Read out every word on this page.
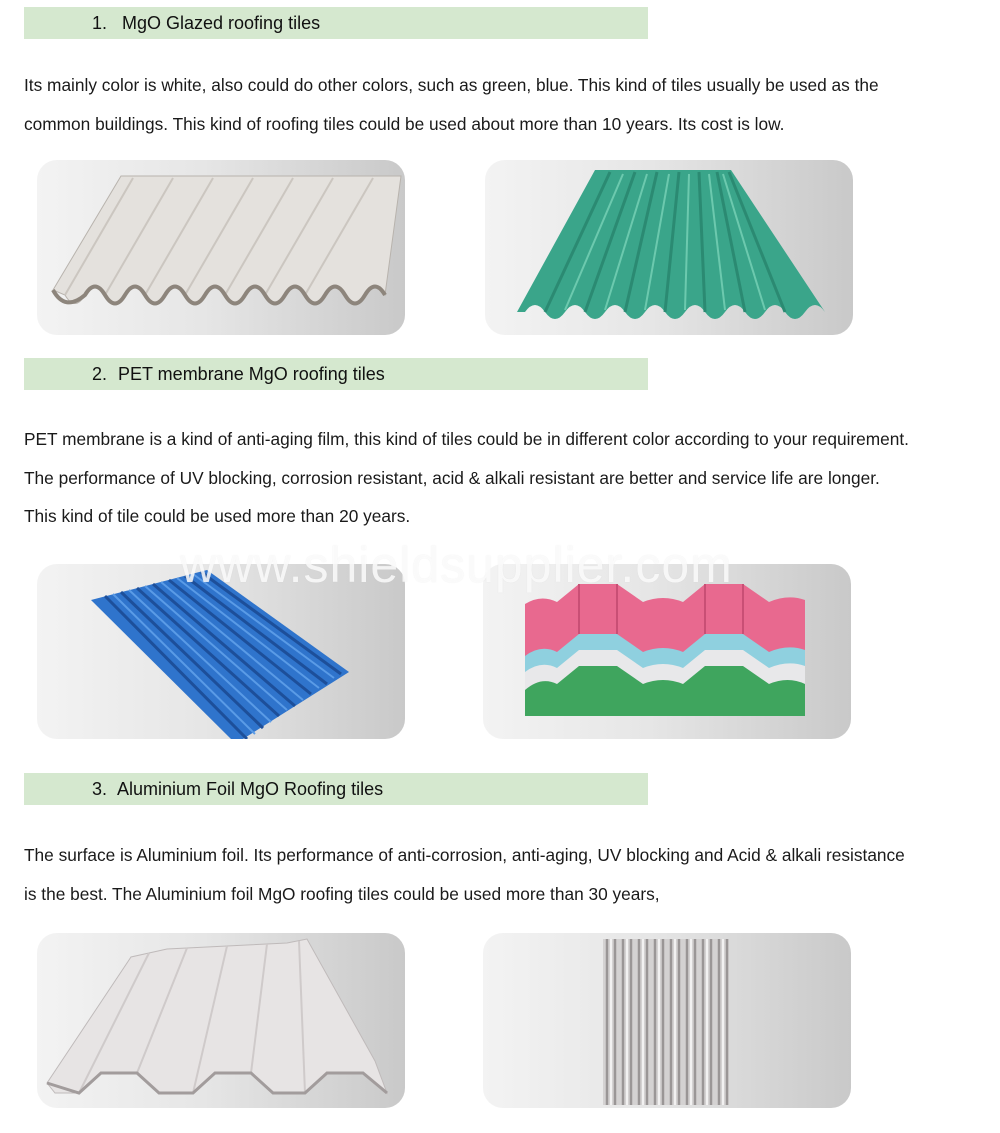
1. MgO Glazed roofing tiles

Its mainly color is white, also could do other colors, such as green, blue. This kind of tiles usually be used as the
common buildings. This kind of roofing tiles could be used about more than 10 years. Its cost is low.

2. PET membrane MgO roofing tiles

PET membrane is a kind of anti-aging film, this kind of tiles could be in different color according to your requirement.
The performance of UV blocking, corrosion resistant, acid & alkali resistant are better and service life are longer.
This kind of tile could be used more than 20 years.

www.shieldsupplier.com
3. Aluminium Foil MgO Roofing tiles

The surface is Aluminium foil. Its performance of anti-corrosion, anti-aging, UV blocking and Acid & alkali resistance
is the best. The Aluminium foil MgO roofing tiles could be used more than 30 years,
